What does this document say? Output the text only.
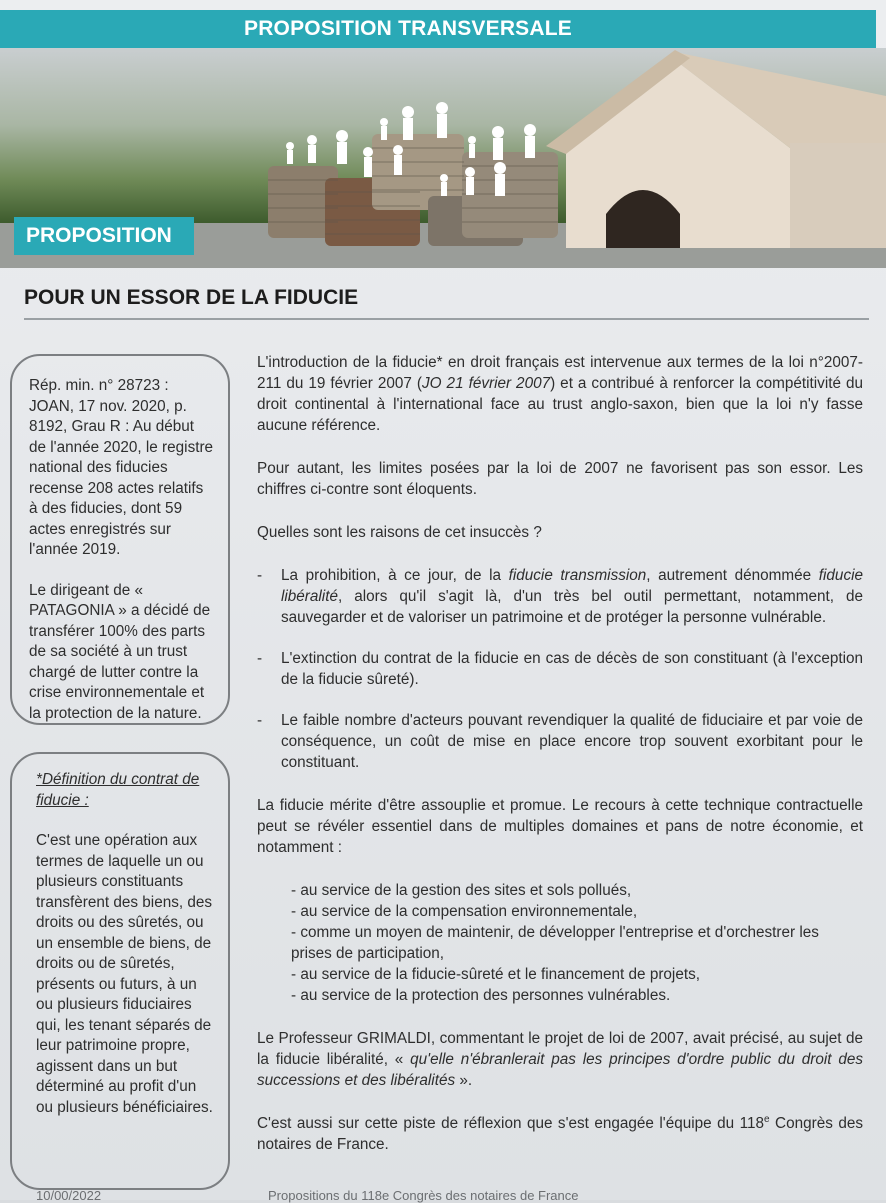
PROPOSITION TRANSVERSALE
PROPOSITION
POUR UN ESSOR DE LA FIDUCIE

Rép. min. n° 28723 : JOAN, 17 nov. 2020, p. 8192, Grau R : Au début de l'année 2020, le registre national des fiducies recense 208 actes relatifs à des fiducies, dont 59 actes enregistrés sur l'année 2019.

Le dirigeant de « PATAGONIA » a décidé de transférer 100% des parts de sa société à un trust chargé de lutter contre la crise environnementale et la protection de la nature.

*Définition du contrat de fiducie :

C'est une opération aux termes de laquelle un ou plusieurs constituants transfèrent des biens, des droits ou des sûretés, ou un ensemble de biens, de droits ou de sûretés, présents ou futurs, à un ou plusieurs fiduciaires qui, les tenant séparés de leur patrimoine propre, agissent dans un but déterminé au profit d'un ou plusieurs bénéficiaires.

L'introduction de la fiducie* en droit français est intervenue aux termes de la loi n°2007-211 du 19 février 2007 (JO 21 février 2007) et a contribué à renforcer la compétitivité du droit continental à l'international face au trust anglo-saxon, bien que la loi n'y fasse aucune référence.

Pour autant, les limites posées par la loi de 2007 ne favorisent pas son essor. Les chiffres ci-contre sont éloquents.

Quelles sont les raisons de cet insuccès ?

- La prohibition, à ce jour, de la fiducie transmission, autrement dénommée fiducie libéralité, alors qu'il s'agit là, d'un très bel outil permettant, notamment, de sauvegarder et de valoriser un patrimoine et de protéger la personne vulnérable.
- L'extinction du contrat de la fiducie en cas de décès de son constituant (à l'exception de la fiducie sûreté).
- Le faible nombre d'acteurs pouvant revendiquer la qualité de fiduciaire et par voie de conséquence, un coût de mise en place encore trop souvent exorbitant pour le constituant.

La fiducie mérite d'être assouplie et promue. Le recours à cette technique contractuelle peut se révéler essentiel dans de multiples domaines et pans de notre économie, et notamment :

- au service de la gestion des sites et sols pollués,
- au service de la compensation environnementale,
- comme un moyen de maintenir, de développer l'entreprise et d'orchestrer les prises de participation,
- au service de la fiducie-sûreté et le financement de projets,
- au service de la protection des personnes vulnérables.

Le Professeur GRIMALDI, commentant le projet de loi de 2007, avait précisé, au sujet de la fiducie libéralité, « qu'elle n'ébranlerait pas les principes d'ordre public du droit des successions et des libéralités ».

C'est aussi sur cette piste de réflexion que s'est engagée l'équipe du 118e Congrès des notaires de France.

10/00/2022	Propositions du 118e Congrès des notaires de France
